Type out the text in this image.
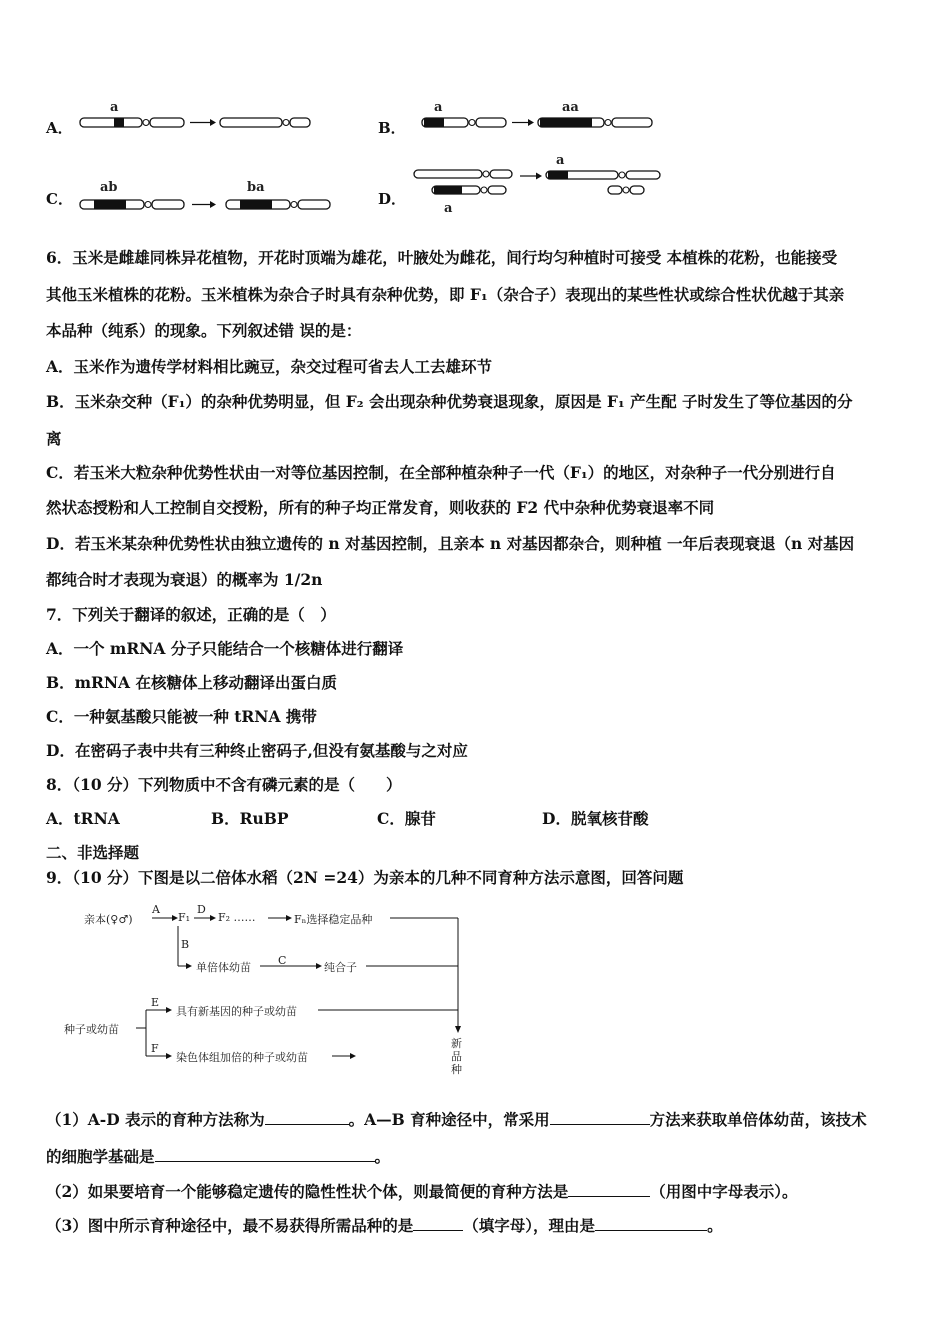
A．
a
B．
a	aa
C．
ab	ba
D．
a
a
6．玉米是雌雄同株异花植物，开花时顶端为雄花，叶腋处为雌花，间行均匀种植时可接受 本植株的花粉，也能接受
其他玉米植株的花粉。玉米植株为杂合子时具有杂种优势，即 F₁（杂合子）表现出的某些性状或综合性状优越于其亲
本品种（纯系）的现象。下列叙述错 误的是：
A．玉米作为遗传学材料相比豌豆，杂交过程可省去人工去雄环节
B．玉米杂交种（F₁）的杂种优势明显，但 F₂ 会出现杂种优势衰退现象，原因是 F₁ 产生配 子时发生了等位基因的分
离
C．若玉米大粒杂种优势性状由一对等位基因控制，在全部种植杂种子一代（F₁）的地区，对杂种子一代分别进行自
然状态授粉和人工控制自交授粉，所有的种子均正常发育，则收获的 F2 代中杂种优势衰退率不同
D．若玉米某杂种优势性状由独立遗传的 n 对基因控制，且亲本 n 对基因都杂合，则种植 一年后表现衰退（n 对基因
都纯合时才表现为衰退）的概率为 1/2n
7．下列关于翻译的叙述，正确的是（　）
A．一个 mRNA 分子只能结合一个核糖体进行翻译
B．mRNA 在核糖体上移动翻译出蛋白质
C．一种氨基酸只能被一种 tRNA 携带
D．在密码子表中共有三种终止密码子,但没有氨基酸与之对应
8．（10 分）下列物质中不含有磷元素的是（　　）
A．tRNA	B．RuBP	C．腺苷	D．脱氧核苷酸
二、非选择题
9．（10 分）下图是以二倍体水稻（2N =24）为亲本的几种不同育种方法示意图，回答问题
亲本(♀♂)
A
F₁
D
F₂ ……	Fₙ选择稳定品种
B
单倍体幼苗
C
纯合子
种子或幼苗
E
具有新基因的种子或幼苗
F
染色体组加倍的种子或幼苗
新品种
（1）A-D 表示的育种方法称为	。A—B 育种途径中，常采用	方法来获取单倍体幼苗，该技术
的细胞学基础是	。
（2）如果要培育一个能够稳定遗传的隐性性状个体，则最简便的育种方法是	（用图中字母表示）。
（3）图中所示育种途径中，最不易获得所需品种的是	（填字母），理由是	。
